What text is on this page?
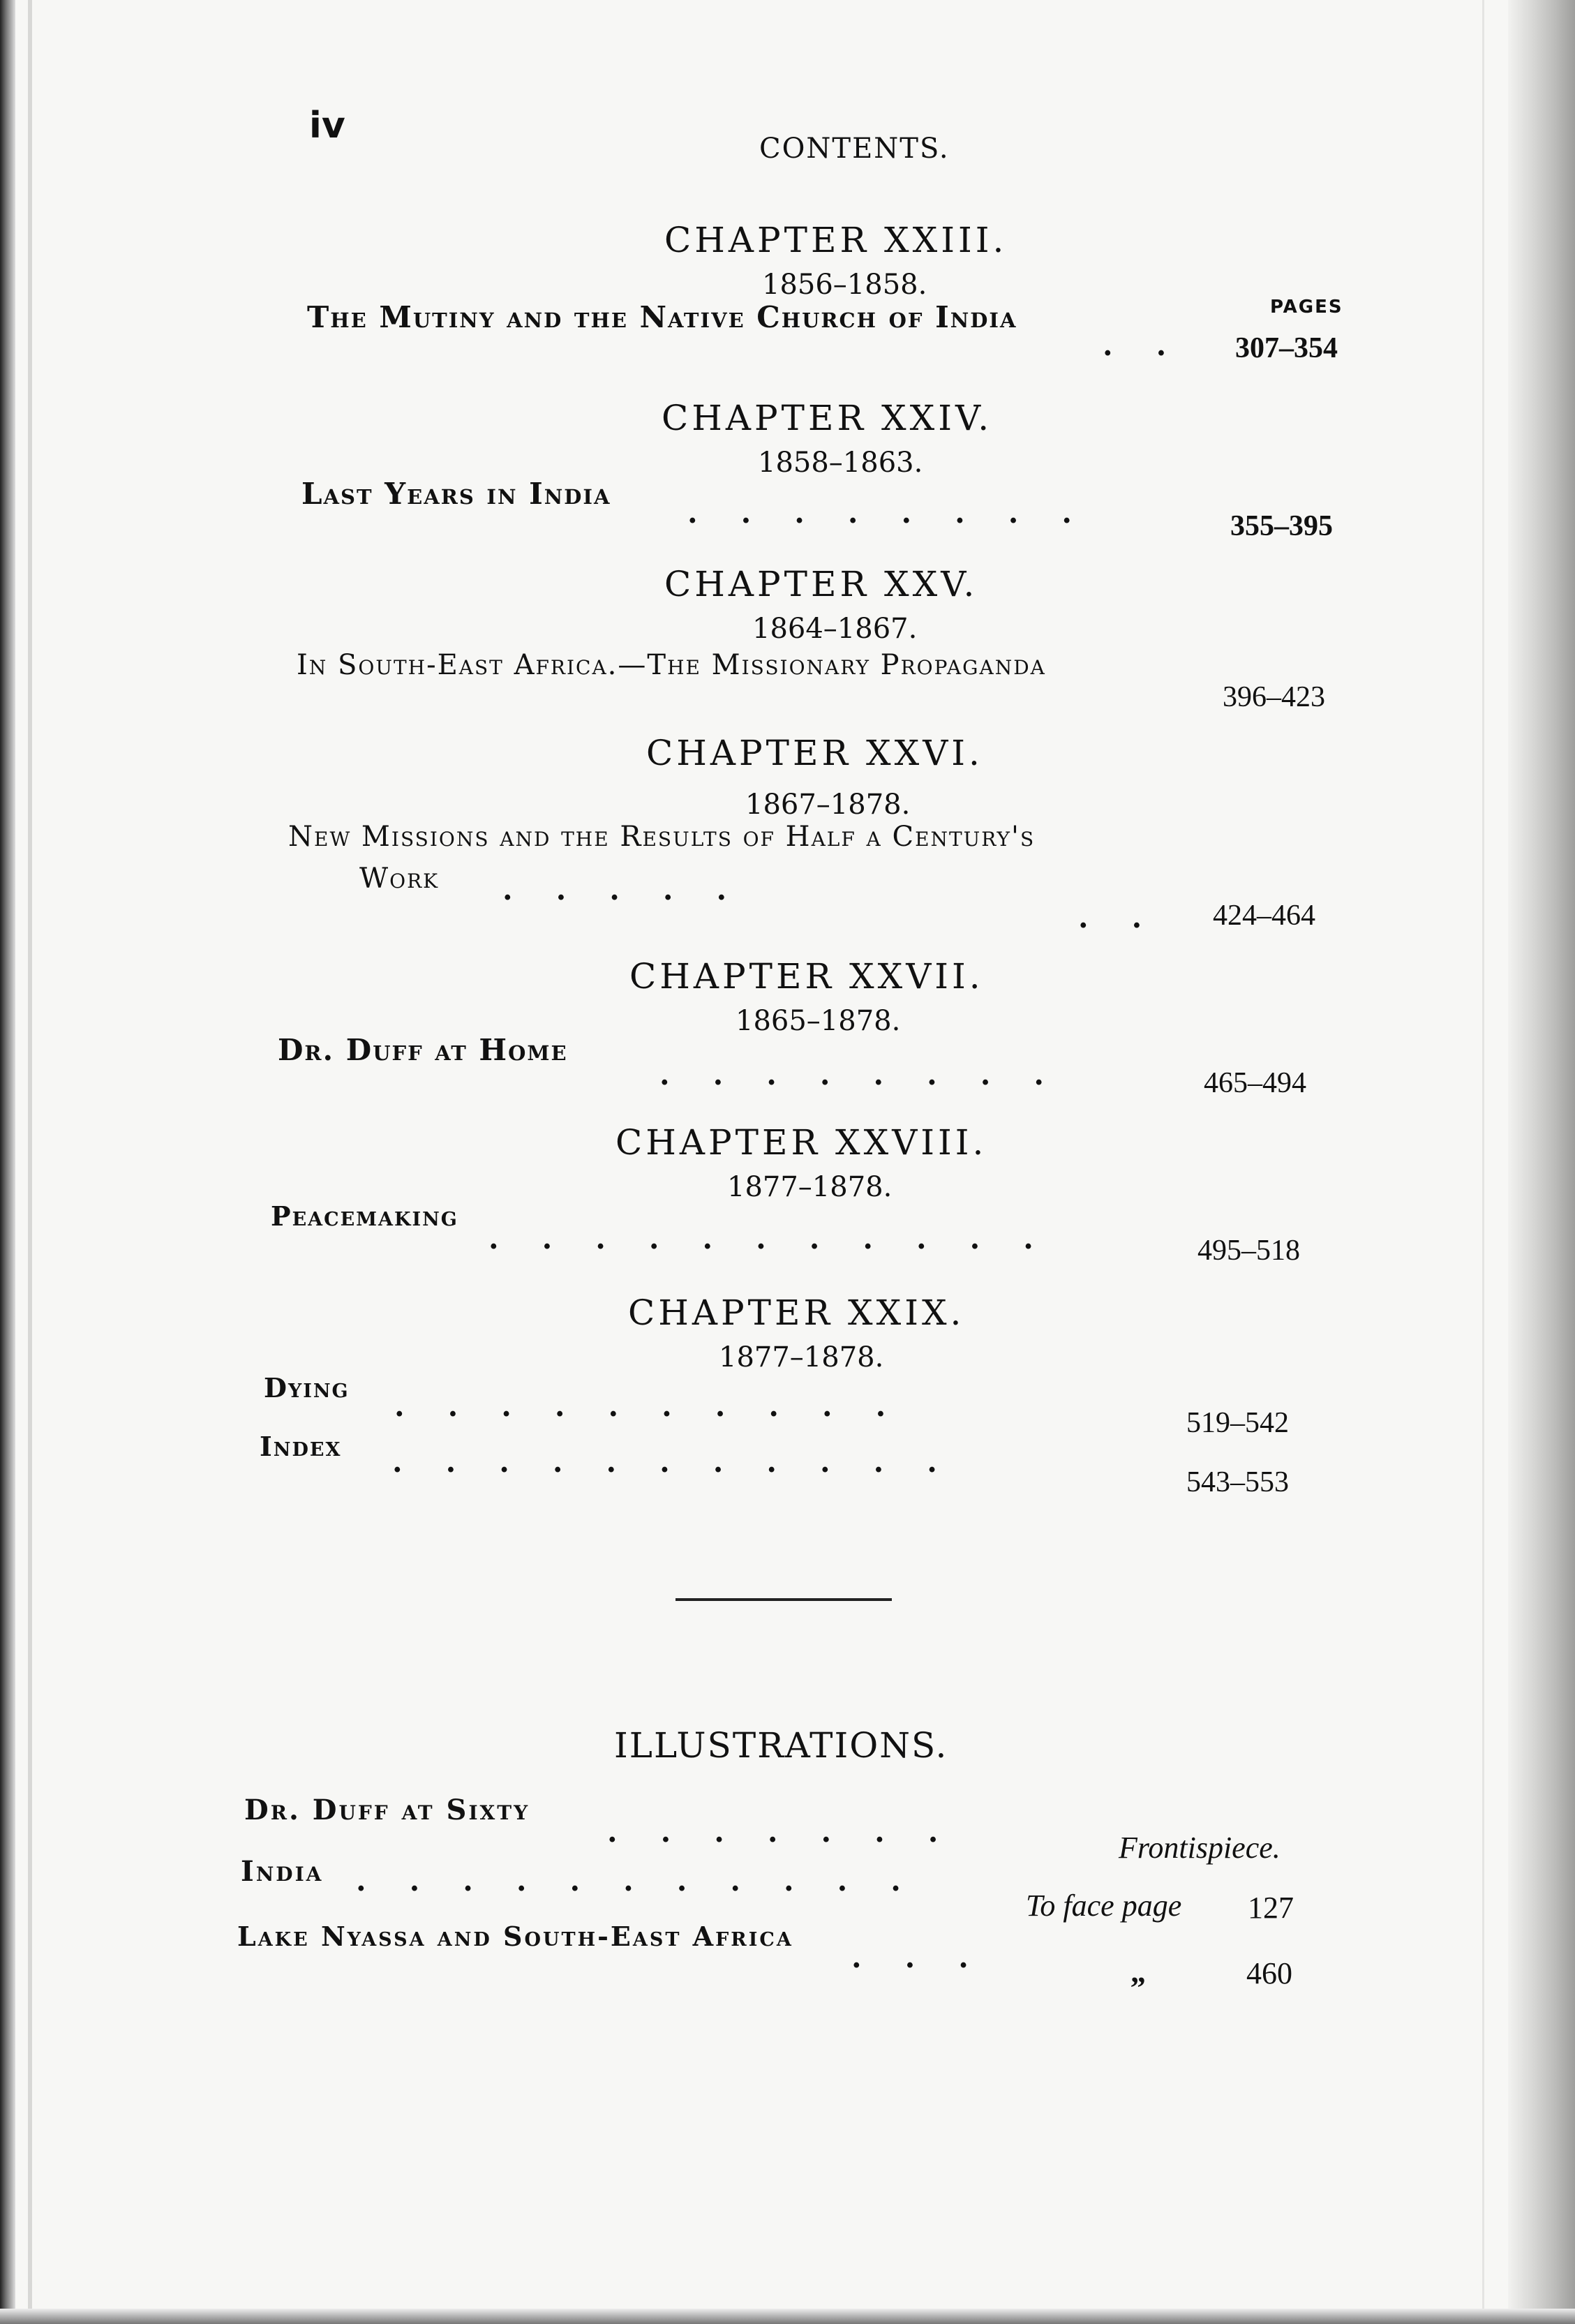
iv
CONTENTS.
CHAPTER XXIII.
1856–1858.
PAGES
The Mutiny and the Native Church of India
.. 307–354
CHAPTER XXIV.
1858–1863.
Last Years in India
........	355–395
CHAPTER XXV.
1864–1867.
In South-East Africa.—The Missionary Propaganda
396–423
CHAPTER XXVI.
1867–1878.
New Missions and the Results of Half a Century's
Work .....
.. 424–464
CHAPTER XXVII.
1865–1878.
Dr. Duff at Home
........	465–494
CHAPTER XXVIII.
1877–1878.
Peacemaking
...........	495–518
CHAPTER XXIX.
1877–1878.
Dying
..........	519–542
Index ...........
543–553
ILLUSTRATIONS.
Dr. Duff at Sixty
.......	Frontispiece.
India ...........
To face page 127
Lake Nyassa and South-East Africa
...	„	460
